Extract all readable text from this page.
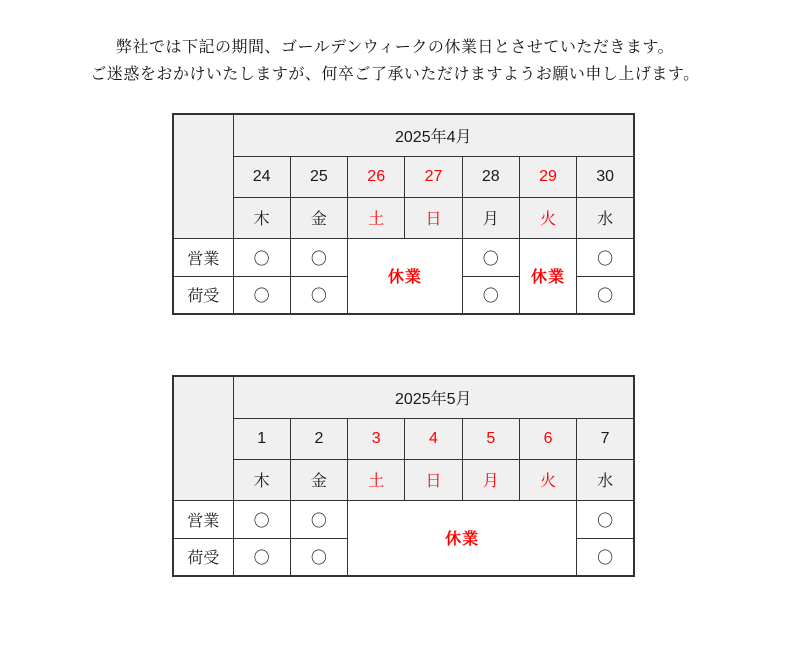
弊社では下記の期間、ゴールデンウィークの休業日とさせていただきます。
ご迷惑をおかけいたしますが、何卒ご了承いただけますようお願い申し上げます。
	2025年4月						
	24	25	26	27	28	29	30
	木	金	土	日	月	火	水
営業	〇	〇	休業		〇	休業	〇
荷受	〇	〇			〇		〇
	2025年5月						
	1	2	3	4	5	6	7
	木	金	土	日	月	火	水
営業	〇	〇	休業				〇
荷受	〇	〇					〇
